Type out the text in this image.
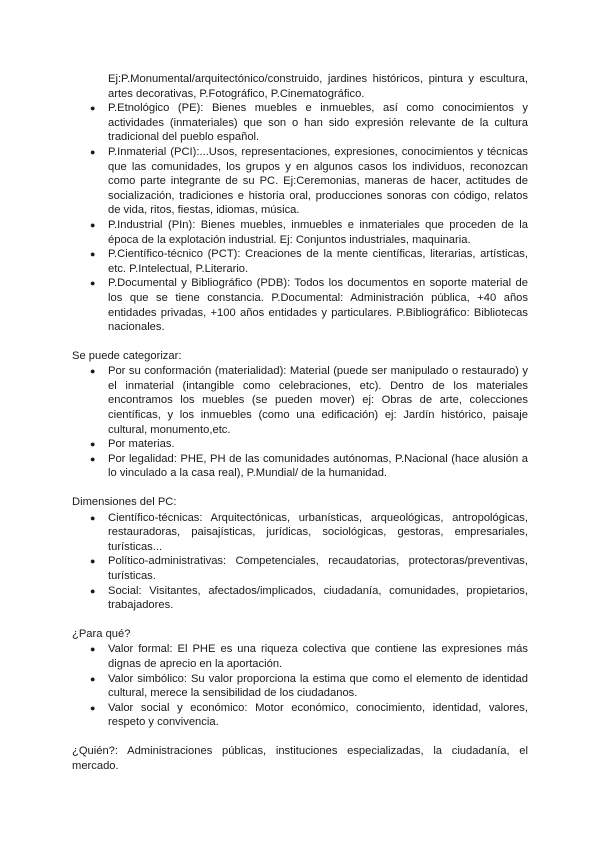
Ej:P.Monumental/arquitectónico/construido, jardines históricos, pintura y escultura, artes decorativas, P.Fotográfico, P.Cinematográfico.
● P.Etnológico (PE): Bienes muebles e inmuebles, así como conocimientos y actividades (inmateriales) que son o han sido expresión relevante de la cultura tradicional del pueblo español.
● P.Inmaterial (PCI):...Usos, representaciones, expresiones, conocimientos y técnicas que las comunidades, los grupos y en algunos casos los individuos, reconozcan como parte integrante de su PC. Ej:Ceremonias, maneras de hacer, actitudes de socialización, tradiciones e historia oral, producciones sonoras con código, relatos de vida, ritos, fiestas, idiomas, música.
● P.Industrial (PIn): Bienes muebles, inmuebles e inmateriales que proceden de la época de la explotación industrial. Ej: Conjuntos industriales, maquinaria.
● P.Científico-técnico (PCT): Creaciones de la mente científicas, literarias, artísticas, etc. P.Intelectual, P.Literario.
● P.Documental y Bibliográfico (PDB): Todos los documentos en soporte material de los que se tiene constancia. P.Documental: Administración pública, +40 años entidades privadas, +100 años entidades y particulares. P.Bibliográfico: Bibliotecas nacionales.
Se puede categorizar:
● Por su conformación (materialidad): Material (puede ser manipulado o restaurado) y el inmaterial (intangible como celebraciones, etc). Dentro de los materiales encontramos los muebles (se pueden mover) ej: Obras de arte, colecciones científicas, y los inmuebles (como una edificación) ej: Jardín histórico, paisaje cultural, monumento,etc.
● Por materias.
● Por legalidad: PHE, PH de las comunidades autónomas, P.Nacional (hace alusión a lo vinculado a la casa real), P.Mundial/ de la humanidad.
Dimensiones del PC:
● Científico-técnicas: Arquitectónicas, urbanísticas, arqueológicas, antropológicas, restauradoras, paisajísticas, jurídicas, sociológicas, gestoras, empresariales, turísticas...
● Político-administrativas: Competenciales, recaudatorias, protectoras/preventivas, turísticas.
● Social: Visitantes, afectados/implicados, ciudadanía, comunidades, propietarios, trabajadores.
¿Para qué?
● Valor formal: El PHE es una riqueza colectiva que contiene las expresiones más dignas de aprecio en la aportación.
● Valor simbólico: Su valor proporciona la estima que como el elemento de identidad cultural, merece la sensibilidad de los ciudadanos.
● Valor social y económico: Motor económico, conocimiento, identidad, valores, respeto y convivencia.
¿Quién?: Administraciones públicas, instituciones especializadas, la ciudadanía, el mercado.
